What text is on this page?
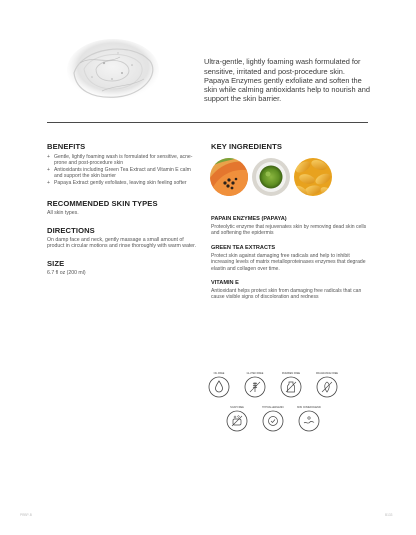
Ultra-gentle, lightly foaming wash formulated for sensitive, irritated and post-procedure skin. Papaya Enzymes gently exfoliate and soften the skin while calming antioxidants help to nourish and support the skin barrier.

BENEFITS
+ Gentle, lightly foaming wash is formulated for sensitive, acne-prone and post-procedure skin
+ Antioxidants including Green Tea Extract and Vitamin E calm and support the skin barrier
+ Papaya Extract gently exfoliates, leaving skin feeling softer
RECOMMENDED SKIN TYPES

All skin types.

DIRECTIONS

On damp face and neck, gently massage a small amount of product in circular motions and rinse thoroughly with warm water.

SIZE

6.7 fl oz (200 ml)

KEY INGREDIENTS
PAPAIN ENZYMES (PAPAYA)

Proteolytic enzyme that rejuvenates skin by removing dead skin cells and softening the epidermis

GREEN TEA EXTRACTS

Protect skin against damaging free radicals and help to inhibit increasing levels of matrix metalloproteinases enzymes that degrade elastin and collagen over time.

VITAMIN E

Antioxidant helps protect skin from damaging free radicals that can cause visible signs of discoloration and redness

OIL FREE	GLUTEN FREE	PARABEN FREE	FRAGRANCE FREE
SOAP FREE	HYPOALLERGENIC	NON COMEDOGENIC
PRBP-B	B133
